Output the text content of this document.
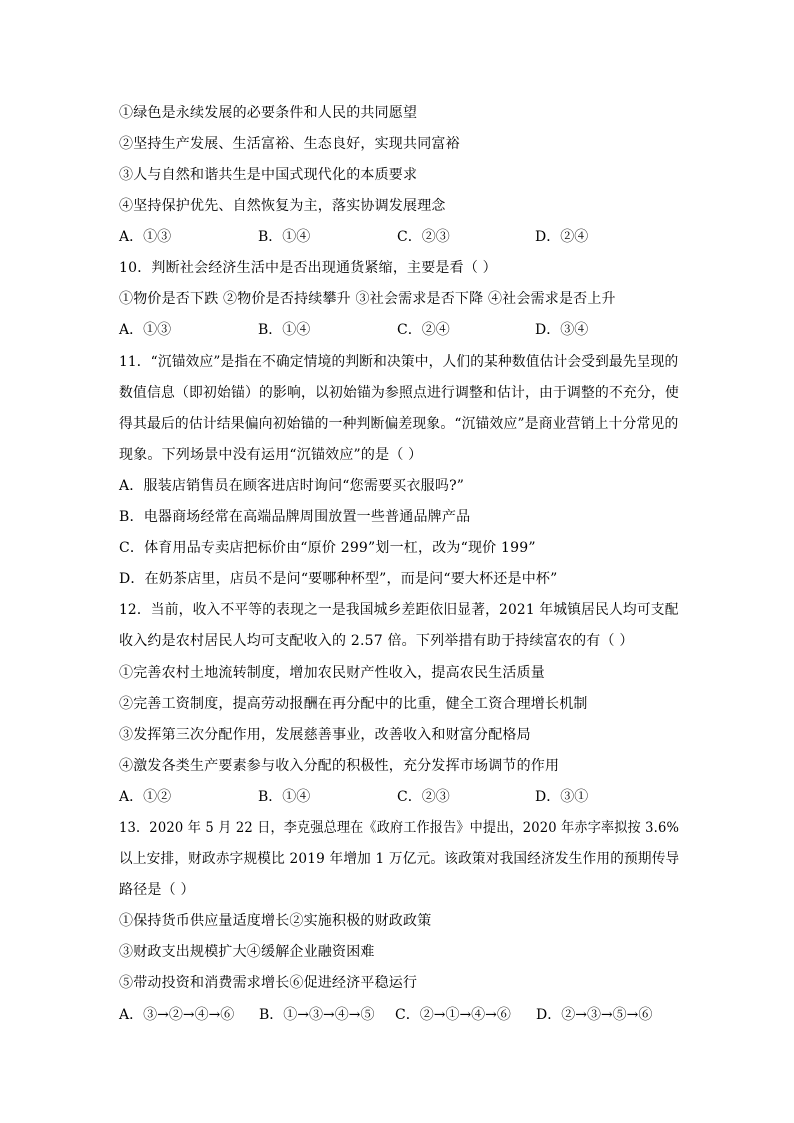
①绿色是永续发展的必要条件和人民的共同愿望
②坚持生产发展、生活富裕、生态良好，实现共同富裕
③人与自然和谐共生是中国式现代化的本质要求
④坚持保护优先、自然恢复为主，落实协调发展理念
A．①③	B．①④	C．②③	D．②④
10．判断社会经济生活中是否出现通货紧缩，主要是看（ ）
①物价是否下跌 ②物价是否持续攀升 ③社会需求是否下降 ④社会需求是否上升
A．①③	B．①④	C．②④	D．③④
11．“沉锚效应”是指在不确定情境的判断和决策中，人们的某种数值估计会受到最先呈现的
数值信息（即初始锚）的影响，以初始锚为参照点进行调整和估计，由于调整的不充分，使
得其最后的估计结果偏向初始锚的一种判断偏差现象。“沉锚效应”是商业营销上十分常见的
现象。下列场景中没有运用“沉锚效应”的是（ ）
A．服装店销售员在顾客进店时询问“您需要买衣服吗?”
B．电器商场经常在高端品牌周围放置一些普通品牌产品
C．体育用品专卖店把标价由“原价 299”划一杠，改为“现价 199”
D．在奶茶店里，店员不是问“要哪种杯型”，而是问“要大杯还是中杯”
12．当前，收入不平等的表现之一是我国城乡差距依旧显著，2021 年城镇居民人均可支配
收入约是农村居民人均可支配收入的 2.57 倍。下列举措有助于持续富农的有（ ）
①完善农村土地流转制度，增加农民财产性收入，提高农民生活质量
②完善工资制度，提高劳动报酬在再分配中的比重，健全工资合理增长机制
③发挥第三次分配作用，发展慈善事业，改善收入和财富分配格局
④激发各类生产要素参与收入分配的积极性，充分发挥市场调节的作用
A．①②	B．①④	C．②③	D．③①
13．2020 年 5 月 22 日，李克强总理在《政府工作报告》中提出，2020 年赤字率拟按 3.6%
以上安排，财政赤字规模比 2019 年增加 1 万亿元。该政策对我国经济发生作用的预期传导
路径是（ ）
①保持货币供应量适度增长②实施积极的财政政策
③财政支出规模扩大④缓解企业融资困难
⑤带动投资和消费需求增长⑥促进经济平稳运行
A．③→②→④→⑥ B．①→③→④→⑤ C．②→①→④→⑥ D．②→③→⑤→⑥
